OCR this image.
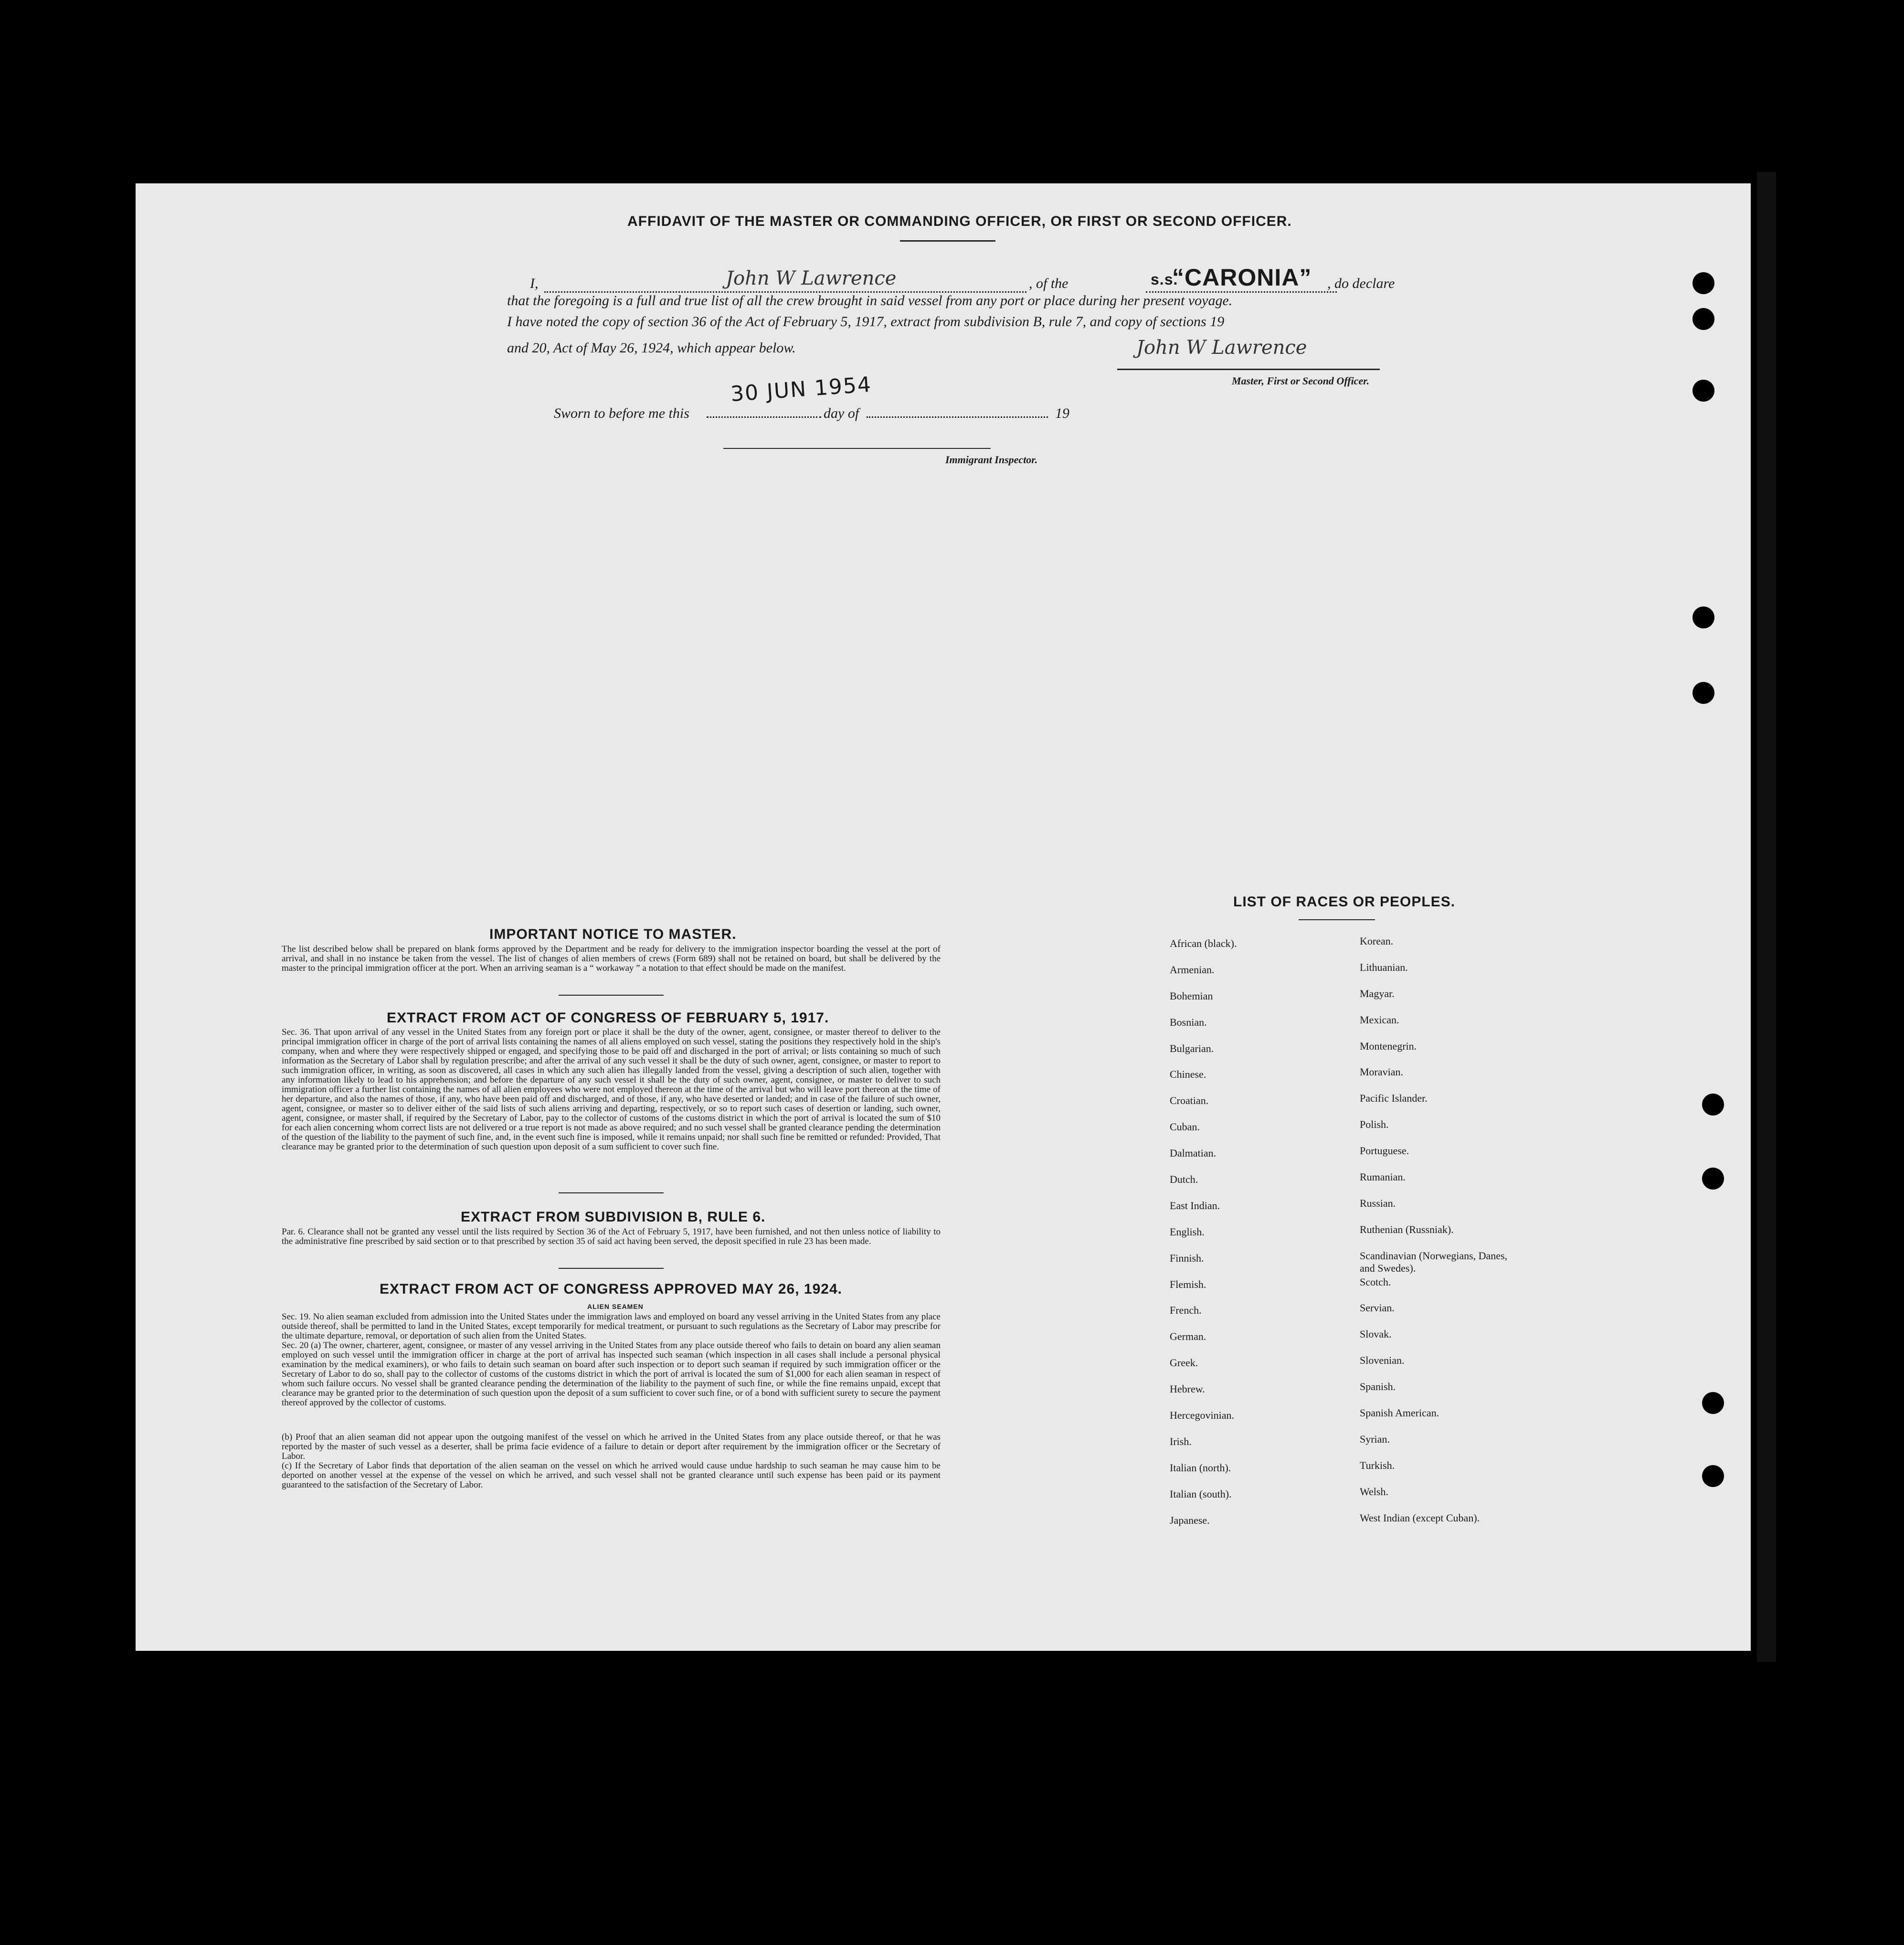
AFFIDAVIT OF THE MASTER OR COMMANDING OFFICER, OR FIRST OR SECOND OFFICER.
I,	John W Lawrence	, of the	s.s.
“CARONIA” , do declare
that the foregoing is a full and true list of all the crew brought in said vessel from any port or place during her present voyage.
I have noted the copy of section 36 of the Act of February 5, 1917, extract from subdivision B, rule 7, and copy of sections 19
and 20, Act of May 26, 1924, which appear below.	John W Lawrence
Master, First or Second Officer.
30 JUN 1954
Sworn to before me this	day of	19
Immigrant Inspector.
IMPORTANT NOTICE TO MASTER.
The list described below shall be prepared on blank forms approved by the Department and be ready for delivery to the immigration inspector boarding the vessel at the port of arrival, and shall in no instance be taken from the vessel. The list of changes of alien members of crews (Form 689) shall not be retained on board, but shall be delivered by the master to the principal immigration officer at the port. When an arriving seaman is a “ workaway ” a notation to that effect should be made on the manifest.
EXTRACT FROM ACT OF CONGRESS OF FEBRUARY 5, 1917.
Sec. 36. That upon arrival of any vessel in the United States from any foreign port or place it shall be the duty of the owner, agent, consignee, or master thereof to deliver to the principal immigration officer in charge of the port of arrival lists containing the names of all aliens employed on such vessel, stating the positions they respectively hold in the ship's company, when and where they were respectively shipped or engaged, and specifying those to be paid off and discharged in the port of arrival; or lists containing so much of such information as the Secretary of Labor shall by regulation prescribe; and after the arrival of any such vessel it shall be the duty of such owner, agent, consignee, or master to report to such immigration officer, in writing, as soon as discovered, all cases in which any such alien has illegally landed from the vessel, giving a description of such alien, together with any information likely to lead to his apprehension; and before the departure of any such vessel it shall be the duty of such owner, agent, consignee, or master to deliver to such immigration officer a further list containing the names of all alien employees who were not employed thereon at the time of the arrival but who will leave port thereon at the time of her departure, and also the names of those, if any, who have been paid off and discharged, and of those, if any, who have deserted or landed; and in case of the failure of such owner, agent, consignee, or master so to deliver either of the said lists of such aliens arriving and departing, respectively, or so to report such cases of desertion or landing, such owner, agent, consignee, or master shall, if required by the Secretary of Labor, pay to the collector of customs of the customs district in which the port of arrival is located the sum of $10 for each alien concerning whom correct lists are not delivered or a true report is not made as above required; and no such vessel shall be granted clearance pending the determination of the question of the liability to the payment of such fine, and, in the event such fine is imposed, while it remains unpaid; nor shall such fine be remitted or refunded: Provided, That clearance may be granted prior to the determination of such question upon deposit of a sum sufficient to cover such fine.
EXTRACT FROM SUBDIVISION B, RULE 6.
Par. 6. Clearance shall not be granted any vessel until the lists required by Section 36 of the Act of February 5, 1917, have been furnished, and not then unless notice of liability to the administrative fine prescribed by said section or to that prescribed by section 35 of said act having been served, the deposit specified in rule 23 has been made.
EXTRACT FROM ACT OF CONGRESS APPROVED MAY 26, 1924.
ALIEN SEAMEN
Sec. 19. No alien seaman excluded from admission into the United States under the immigration laws and employed on board any vessel arriving in the United States from any place outside thereof, shall be permitted to land in the United States, except temporarily for medical treatment, or pursuant to such regulations as the Secretary of Labor may prescribe for the ultimate departure, removal, or deportation of such alien from the United States.
Sec. 20 (a) The owner, charterer, agent, consignee, or master of any vessel arriving in the United States from any place outside thereof who fails to detain on board any alien seaman employed on such vessel until the immigration officer in charge at the port of arrival has inspected such seaman (which inspection in all cases shall include a personal physical examination by the medical examiners), or who fails to detain such seaman on board after such inspection or to deport such seaman if required by such immigration officer or the Secretary of Labor to do so, shall pay to the collector of customs of the customs district in which the port of arrival is located the sum of $1,000 for each alien seaman in respect of whom such failure occurs. No vessel shall be granted clearance pending the determination of the liability to the payment of such fine, or while the fine remains unpaid, except that clearance may be granted prior to the determination of such question upon the deposit of a sum sufficient to cover such fine, or of a bond with sufficient surety to secure the payment thereof approved by the collector of customs.
(b) Proof that an alien seaman did not appear upon the outgoing manifest of the vessel on which he arrived in the United States from any place outside thereof, or that he was reported by the master of such vessel as a deserter, shall be prima facie evidence of a failure to detain or deport after requirement by the immigration officer or the Secretary of Labor.
(c) If the Secretary of Labor finds that deportation of the alien seaman on the vessel on which he arrived would cause undue hardship to such seaman he may cause him to be deported on another vessel at the expense of the vessel on which he arrived, and such vessel shall not be granted clearance until such expense has been paid or its payment guaranteed to the satisfaction of the Secretary of Labor.
LIST OF RACES OR PEOPLES.
African (black).
Armenian.
Bohemian
Bosnian.
Bulgarian.
Chinese.
Croatian.
Cuban.
Dalmatian.
Dutch.
East Indian.
English.
Finnish.
Flemish.
French.
German.
Greek.
Hebrew.
Hercegovinian.
Irish.
Italian (north).
Italian (south).
Japanese.
Korean.
Lithuanian.
Magyar.
Mexican.
Montenegrin.
Moravian.
Pacific Islander.
Polish.
Portuguese.
Rumanian.
Russian.
Ruthenian (Russniak).
Scandinavian (Norwegians, Danes, and Swedes).
Scotch.
Servian.
Slovak.
Slovenian.
Spanish.
Spanish American.
Syrian.
Turkish.
Welsh.
West Indian (except Cuban).
